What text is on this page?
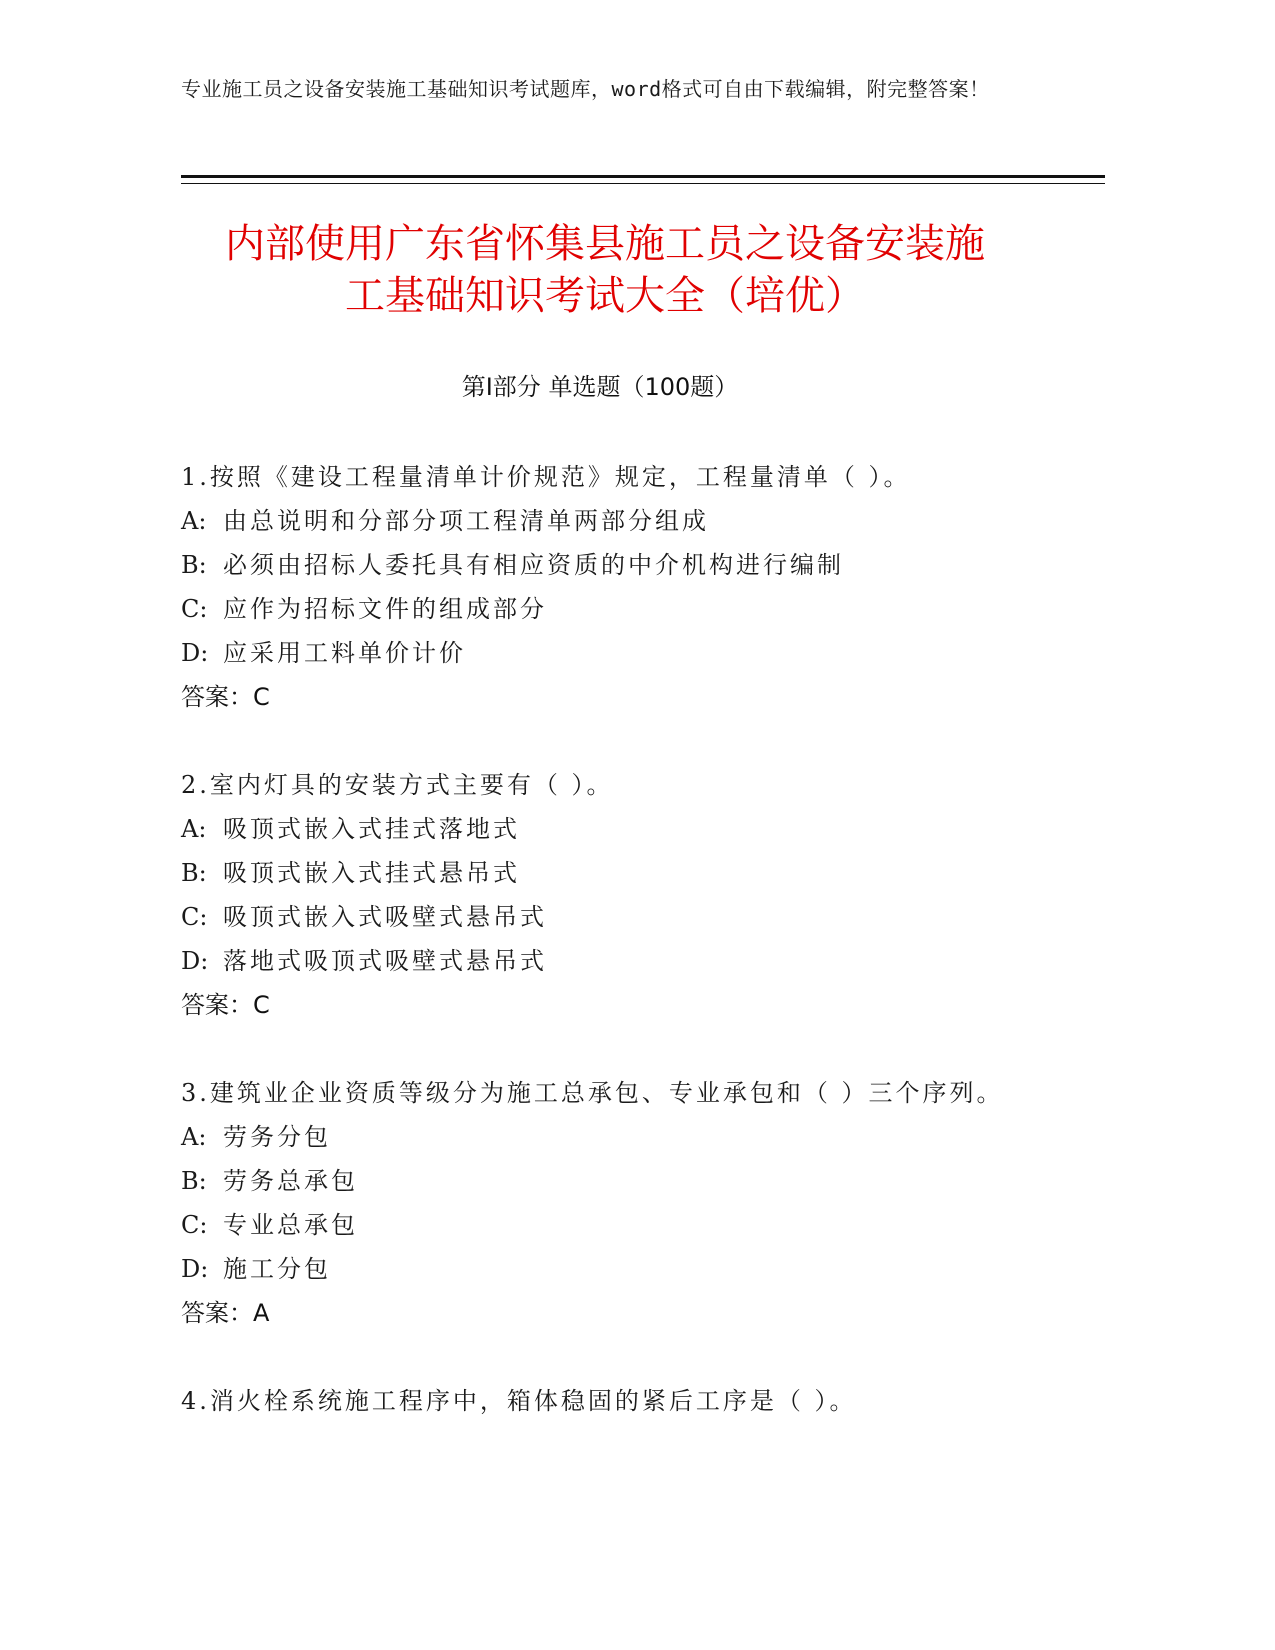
专业施工员之设备安装施工基础知识考试题库，word格式可自由下载编辑，附完整答案！
内部使用广东省怀集县施工员之设备安装施
工基础知识考试大全（培优）
第Ⅰ部分 单选题（100题）
1.按照《建设工程量清单计价规范》规定，工程量清单（ ）。
A: 由总说明和分部分项工程清单两部分组成
B: 必须由招标人委托具有相应资质的中介机构进行编制
C: 应作为招标文件的组成部分
D: 应采用工料单价计价
答案：C
2.室内灯具的安装方式主要有（ ）。
A: 吸顶式嵌入式挂式落地式
B: 吸顶式嵌入式挂式悬吊式
C: 吸顶式嵌入式吸壁式悬吊式
D: 落地式吸顶式吸壁式悬吊式
答案：C
3.建筑业企业资质等级分为施工总承包、专业承包和（ ）三个序列。
A: 劳务分包
B: 劳务总承包
C: 专业总承包
D: 施工分包
答案：A
4.消火栓系统施工程序中，箱体稳固的紧后工序是（ ）。
